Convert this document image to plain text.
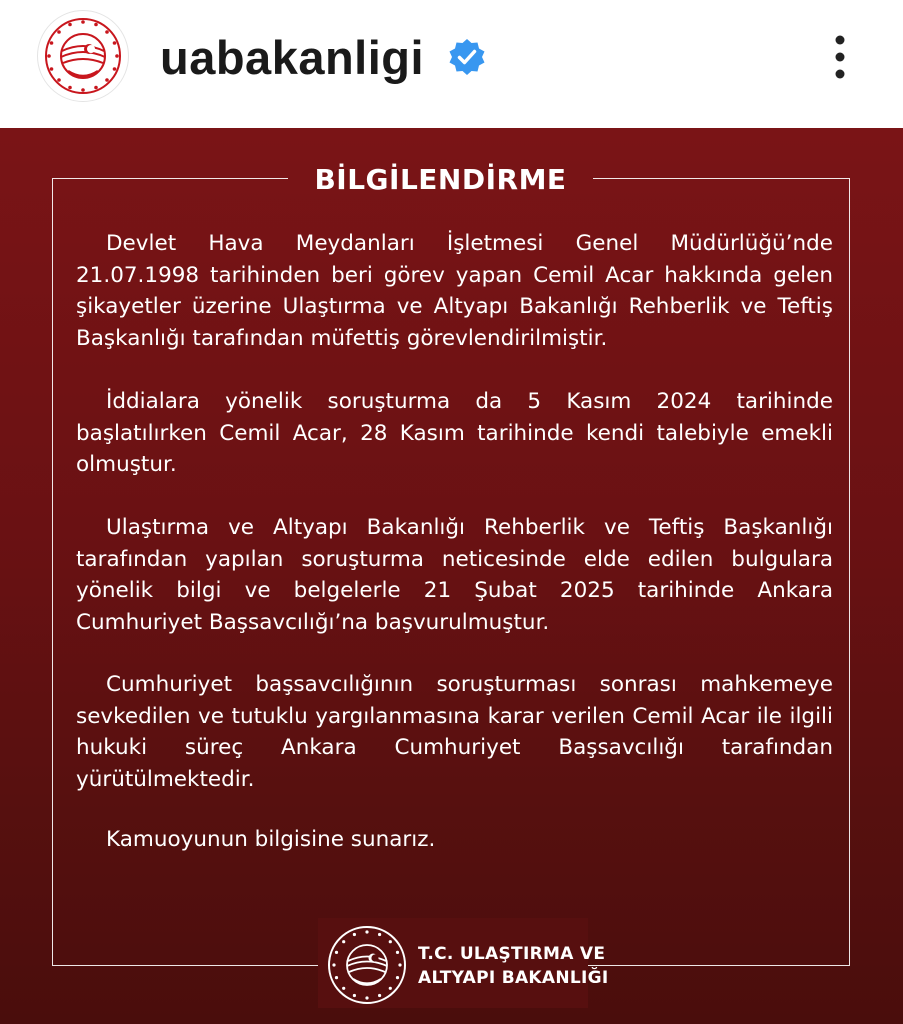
uabakanligi
BİLGİLENDİRME

Devlet Hava Meydanları İşletmesi Genel Müdürlüğü’nde 21.07.1998 tarihinden beri görev yapan Cemil Acar hakkında gelen şikayetler üzerine Ulaştırma ve Altyapı Bakanlığı Rehberlik ve Teftiş Başkanlığı tarafından müfettiş görevlendirilmiştir.

İddialara yönelik soruşturma da 5 Kasım 2024 tarihinde başlatılırken Cemil Acar, 28 Kasım tarihinde kendi talebiyle emekli olmuştur.

Ulaştırma ve Altyapı Bakanlığı Rehberlik ve Teftiş Başkanlığı tarafından yapılan soruşturma neticesinde elde edilen bulgulara yönelik bilgi ve belgelerle 21 Şubat 2025 tarihinde Ankara Cumhuriyet Başsavcılığı’na başvurulmuştur.

Cumhuriyet başsavcılığının soruşturması sonrası mahkemeye sevkedilen ve tutuklu yargılanmasına karar verilen Cemil Acar ile ilgili hukuki süreç Ankara Cumhuriyet Başsavcılığı tarafından yürütülmektedir.

Kamuoyunun bilgisine sunarız.

T.C. ULAŞTIRMA VE
ALTYAPI BAKANLIĞI
